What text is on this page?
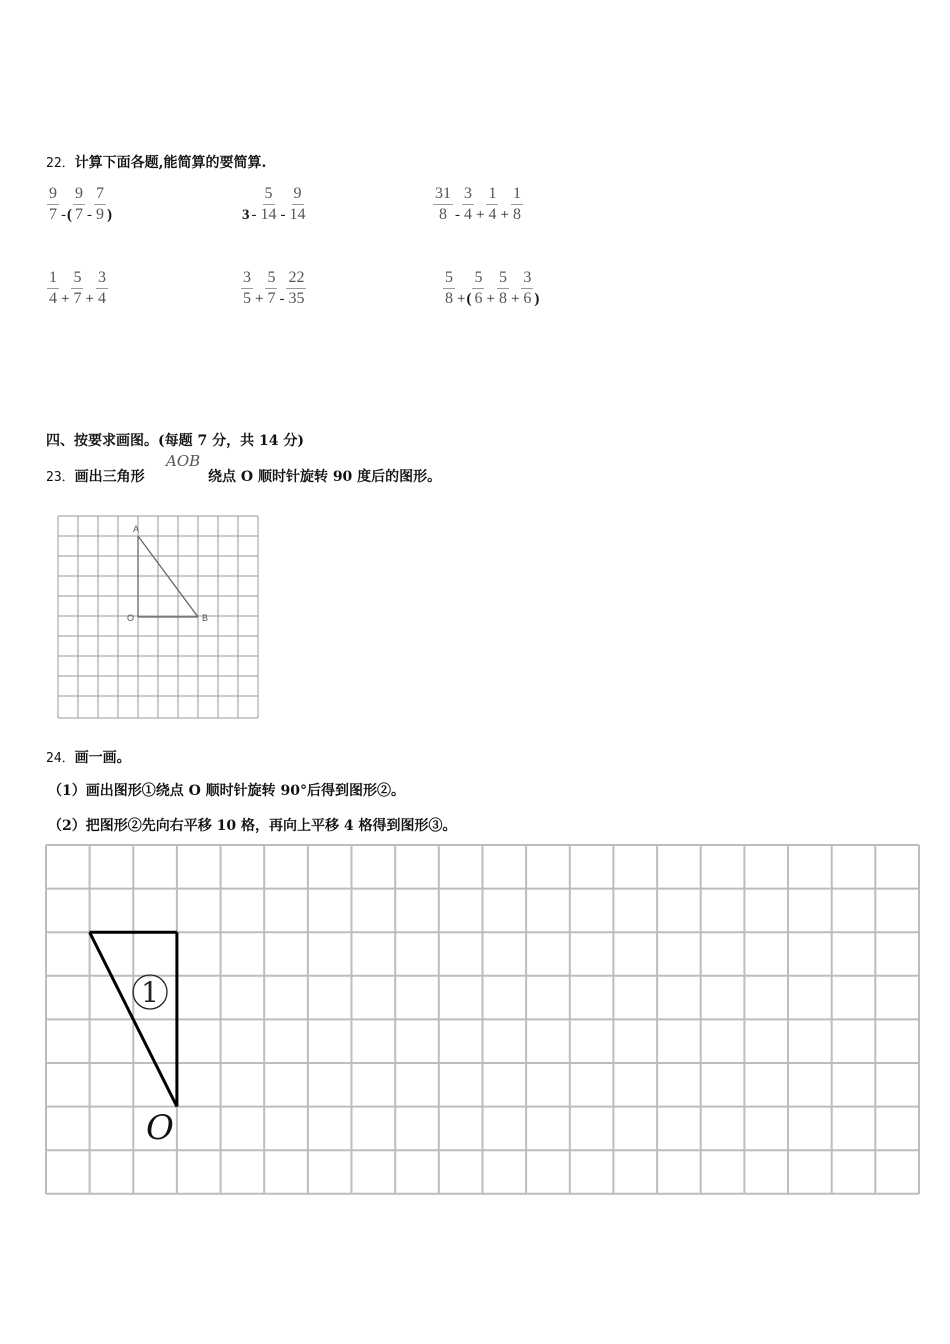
22．计算下面各题,能简算的要简算.
$\frac{9}{7}$ - ( $\frac{9}{7} - \frac{7}{9}$ )	$3 - \frac{5}{14} - \frac{9}{14}$	$\frac{31}{8} - \frac{3}{4} + \frac{1}{4} + \frac{1}{8}$
$\frac{1}{4} + \frac{5}{7} + \frac{3}{4}$	$\frac{3}{5} + \frac{5}{7} - \frac{22}{35}$	$\frac{5}{8}$ + ( $\frac{5}{6} + \frac{5}{8} + \frac{3}{6}$ )
四、按要求画图。(每题 7 分，共 14 分)
23．画出三角形
AOB
绕点 O 顺时针旋转 90 度后的图形。
A
O	B
24．画一画。
（1）画出图形①绕点 O 顺时针旋转 90°后得到图形②。
（2）把图形②先向右平移 10 格，再向上平移 4 格得到图形③。
1
O
